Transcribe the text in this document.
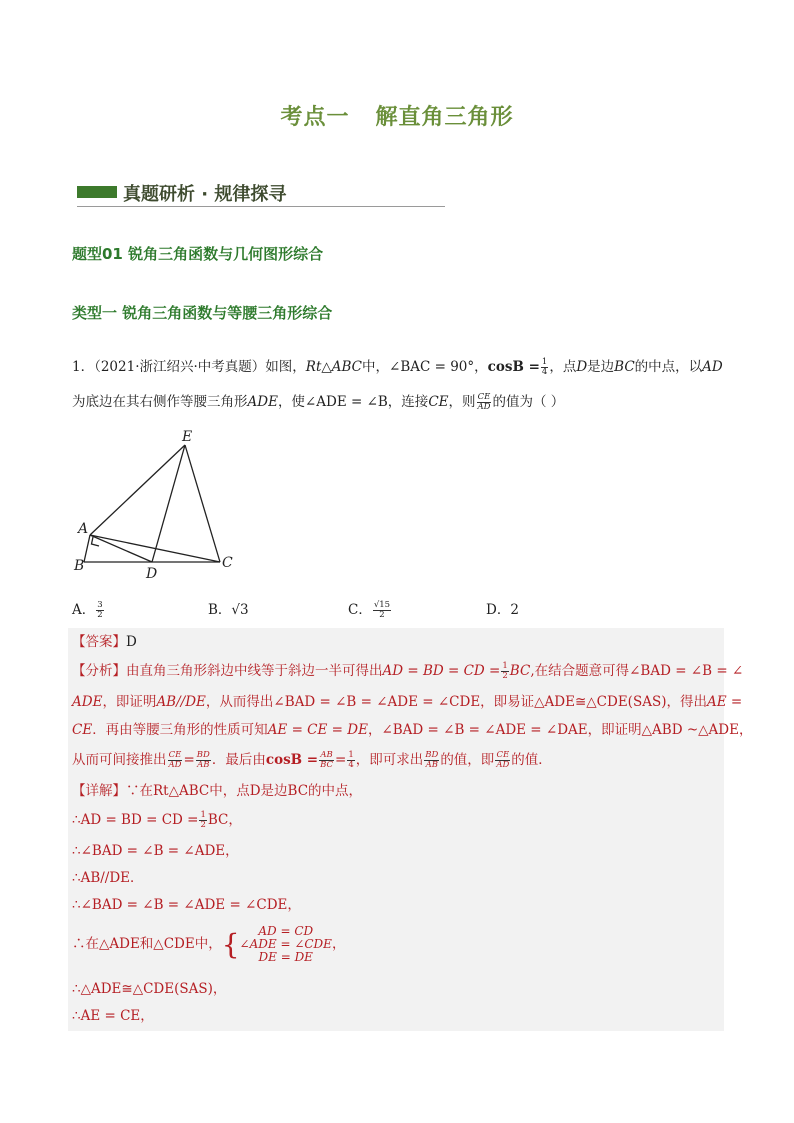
考点一 解直角三角形
真题研析 · 规律探寻
题型01 锐角三角函数与几何图形综合
类型一 锐角三角函数与等腰三角形综合
1．（2021·浙江绍兴·中考真题）如图，Rt△ABC中，∠BAC = 90°，$\cos B = \frac{1}{4}$ ，点D是边BC的中点，以AD
为底边在其右侧作等腰三角形ADE，使∠ADE = ∠B，连接CE，则 $\frac{CE}{AD}$ 的值为（ ）
A
B	C
D
E
A． $\frac{3}{2}$	B．√3	C． $\frac{√15}{2}$	D．2
【答案】D
【分析】由直角三角形斜边中线等于斜边一半可得出AD = BD = CD = $\frac{1}{2}$ BC,在结合题意可得∠BAD = ∠B = ∠
ADE，即证明AB//DE，从而得出∠BAD = ∠B = ∠ADE = ∠CDE，即易证△ADE≅△CDE(SAS)，得出AE =
CE．再由等腰三角形的性质可知AE = CE = DE，∠BAD = ∠B = ∠ADE = ∠DAE，即证明△ABD ~△ADE，
从而可间接推出 $\frac{CE}{AD} = \frac{BD}{AB}$ ．最后由$\cos B = \frac{AB}{BC} = \frac{1}{4}$ ，即可求出 $\frac{BD}{AB}$ 的值，即 $\frac{CE}{AD}$ 的值．
【详解】∵在Rt△ABC中，点D是边BC的中点，
∴AD = BD = CD = $\frac{1}{2}$ BC，
∴∠BAD = ∠B = ∠ADE，
∴AB//DE．
∴∠BAD = ∠B = ∠ADE = ∠CDE，
∴在△ADE和△CDE中，{	AD = CD
∠ADE = ∠CDE
DE = DE
，
∴△ADE≅△CDE(SAS)，
∴AE = CE，
